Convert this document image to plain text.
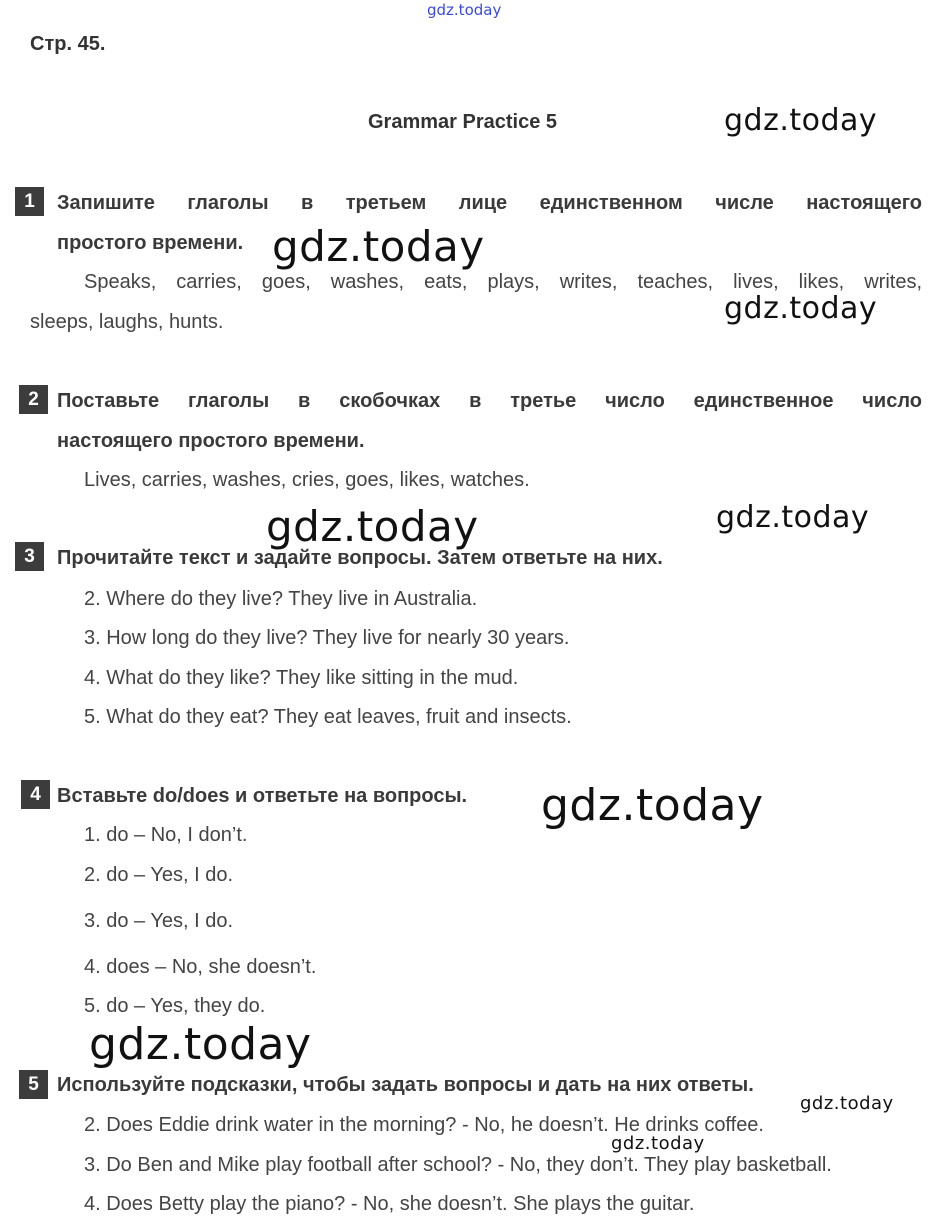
gdz.today
gdz.today
gdz.today
gdz.today
gdz.today	gdz.today
gdz.today
gdz.today
gdz.today
gdz.today
Стр. 45.
Grammar Practice 5
1	Запишите глаголы в третьем лице единственном числе настоящего
простого времени.
Speaks, carries, goes, washes, eats, plays, writes, teaches, lives, likes, writes,
sleeps, laughs, hunts.
2 Поставьте глаголы в скобочках в третье число единственное число
настоящего простого времени.
Lives, carries, washes, cries, goes, likes, watches.
3	Прочитайте текст и задайте вопросы. Затем ответьте на них.
2. Where do they live? They live in Australia.
3. How long do they live? They live for nearly 30 years.
4. What do they like? They like sitting in the mud.
5. What do they eat? They eat leaves, fruit and insects.
4 Вставьте do/does и ответьте на вопросы.
1. do – No, I don’t.
2. do – Yes, I do.
3. do – Yes, I do.
4. does – No, she doesn’t.
5. do – Yes, they do.
5 Используйте подсказки, чтобы задать вопросы и дать на них ответы.
2. Does Eddie drink water in the morning? - No, he doesn’t. He drinks coffee.
3. Do Ben and Mike play football after school? - No, they don’t. They play basketball.
4. Does Betty play the piano? - No, she doesn’t. She plays the guitar.
